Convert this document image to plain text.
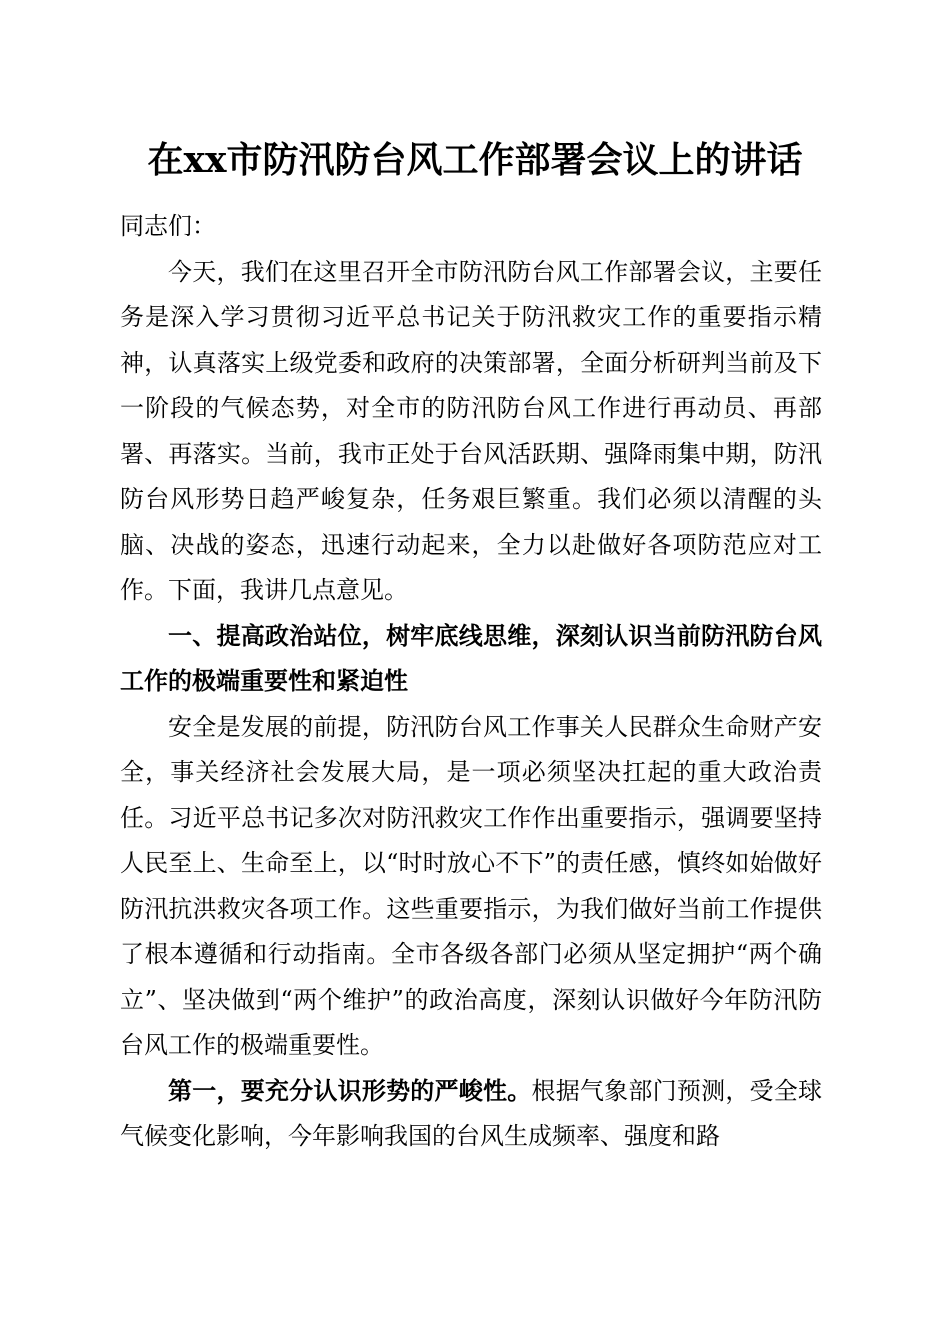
在xx市防汛防台风工作部署会议上的讲话

同志们：

今天，我们在这里召开全市防汛防台风工作部署会议，主要任务是深入学习贯彻习近平总书记关于防汛救灾工作的重要指示精神，认真落实上级党委和政府的决策部署，全面分析研判当前及下一阶段的气候态势，对全市的防汛防台风工作进行再动员、再部署、再落实。当前，我市正处于台风活跃期、强降雨集中期，防汛防台风形势日趋严峻复杂，任务艰巨繁重。我们必须以清醒的头脑、决战的姿态，迅速行动起来，全力以赴做好各项防范应对工作。下面，我讲几点意见。

一、提高政治站位，树牢底线思维，深刻认识当前防汛防台风工作的极端重要性和紧迫性

安全是发展的前提，防汛防台风工作事关人民群众生命财产安全，事关经济社会发展大局，是一项必须坚决扛起的重大政治责任。习近平总书记多次对防汛救灾工作作出重要指示，强调要坚持人民至上、生命至上，以“时时放心不下”的责任感，慎终如始做好防汛抗洪救灾各项工作。这些重要指示，为我们做好当前工作提供了根本遵循和行动指南。全市各级各部门必须从坚定拥护“两个确立”、坚决做到“两个维护”的政治高度，深刻认识做好今年防汛防台风工作的极端重要性。

第一，要充分认识形势的严峻性。根据气象部门预测，受全球气候变化影响，今年影响我国的台风生成频率、强度和路
